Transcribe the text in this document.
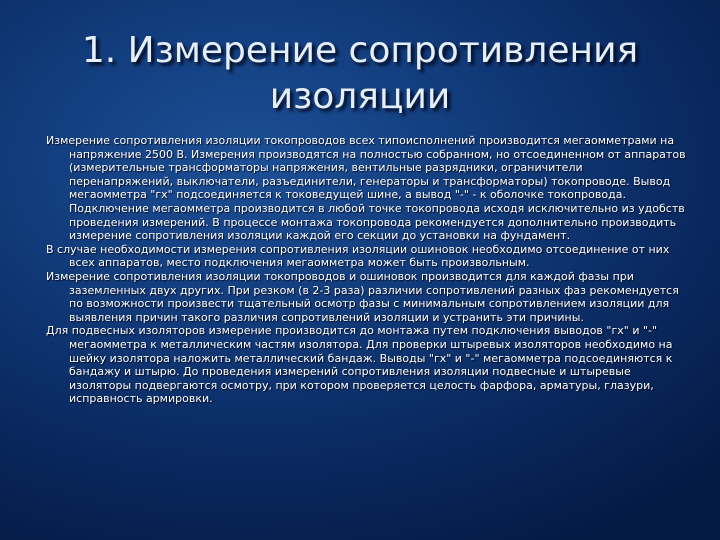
1. Измерение сопротивления изоляции

Измерение сопротивления изоляции токопроводов всех типоисполнений производится мегаомметрами на напряжение 2500 В. Измерения производятся на полностью собранном, но отсоединенном от аппаратов (измерительные трансформаторы напряжения, вентильные разрядники, ограничители перенапряжений, выключатели, разъединители, генераторы и трансформаторы) токопроводе. Вывод мегаомметра "гх" подсоединяется к токоведущей шине, а вывод "-" - к оболочке токопровода. Подключение мегаомметра производится в любой точке токопровода исходя исключительно из удобств проведения измерений. В процессе монтажа токопровода рекомендуется дополнительно производить измерение сопротивления изоляции каждой его секции до установки на фундамент.

В случае необходимости измерения сопротивления изоляции ошиновок необходимо отсоединение от них всех аппаратов, место подключения мегаомметра может быть произвольным.

Измерение сопротивления изоляции токопроводов и ошиновок производится для каждой фазы при заземленных двух других. При резком (в 2-3 раза) различии сопротивлений разных фаз рекомендуется по возможности произвести тщательный осмотр фазы с минимальным сопротивлением изоляции для выявления причин такого различия сопротивлений изоляции и устранить эти причины.

Для подвесных изоляторов измерение производится до монтажа путем подключения выводов "гх" и "-" мегаомметра к металлическим частям изолятора. Для проверки штыревых изоляторов необходимо на шейку изолятора наложить металлический бандаж. Выводы "гх" и "-" мегаомметра подсоединяются к бандажу и штырю. До проведения измерений сопротивления изоляции подвесные и штыревые изоляторы подвергаются осмотру, при котором проверяется целость фарфора, арматуры, глазури, исправность армировки.
